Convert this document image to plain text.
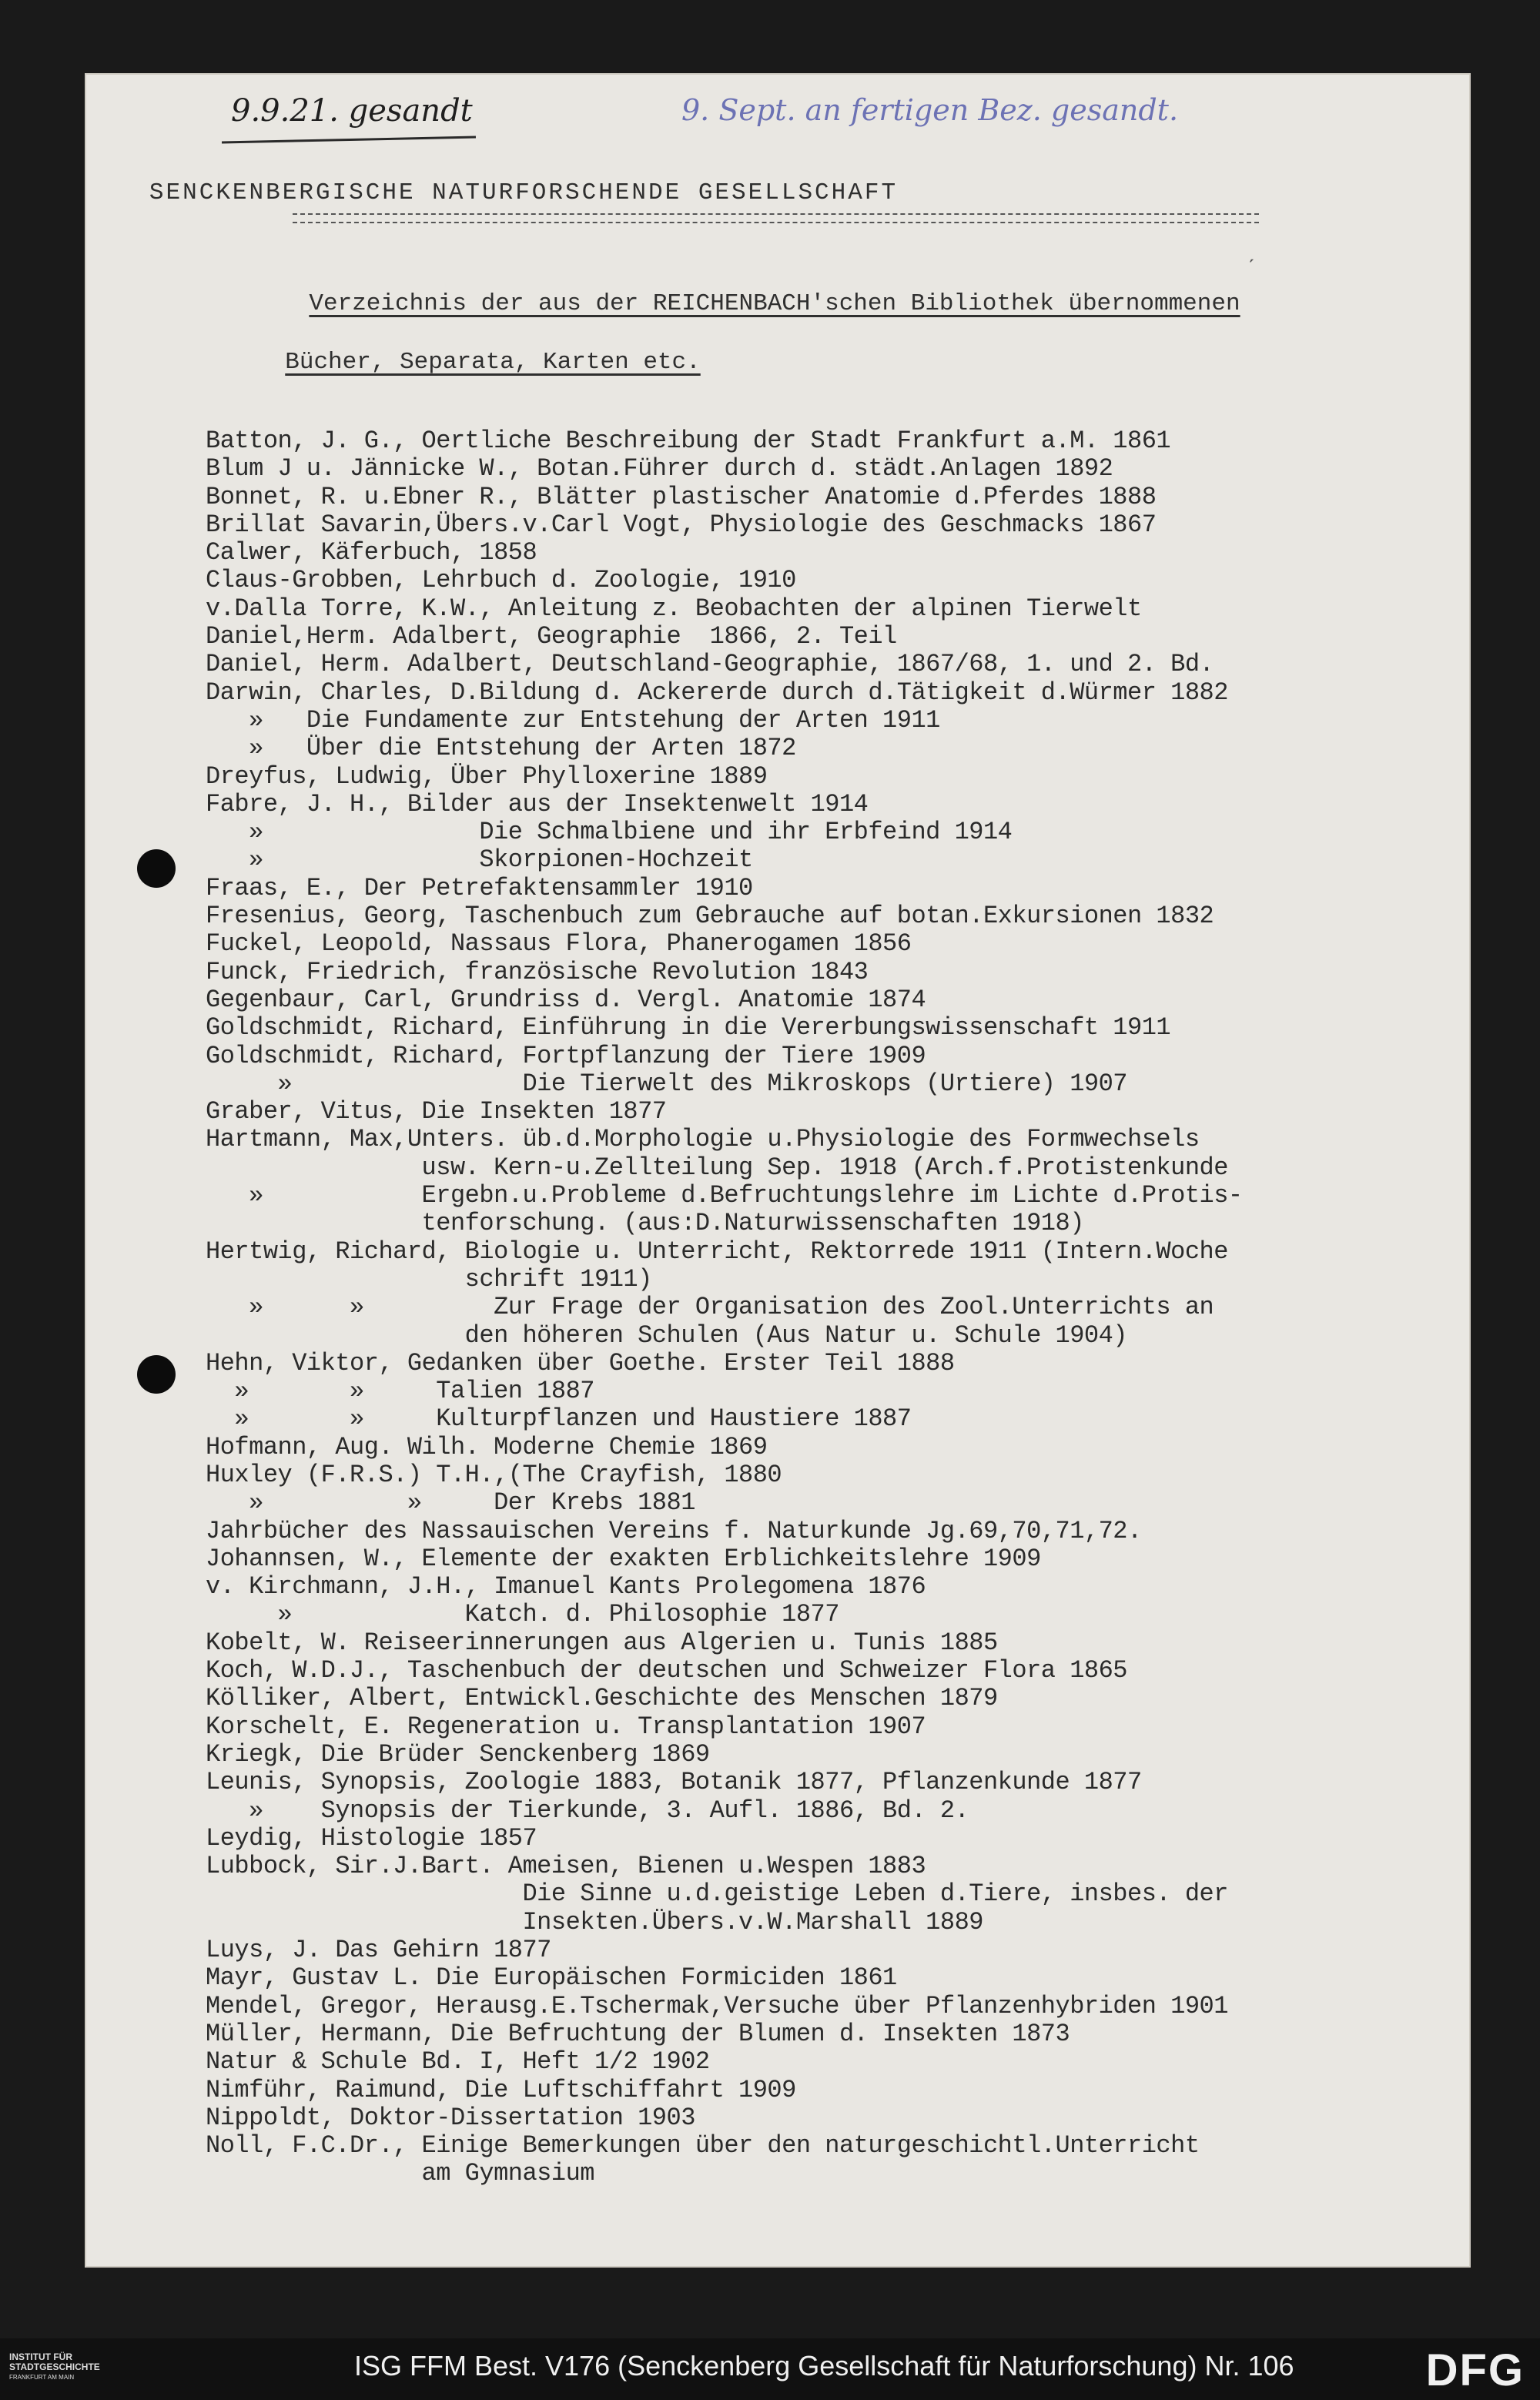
9.9.21. gesandt	9. Sept. an fertigen Bez. gesandt.
ˊ
SENCKENBERGISCHE NATURFORSCHENDE GESELLSCHAFT
Verzeichnis der aus der REICHENBACH'schen Bibliothek übernommenen
Bücher, Separata, Karten etc.
Batton, J. G., Oertliche Beschreibung der Stadt Frankfurt a.M. 1861
Blum J u. Jännicke W., Botan.Führer durch d. städt.Anlagen 1892
Bonnet, R. u.Ebner R., Blätter plastischer Anatomie d.Pferdes 1888
Brillat Savarin,Übers.v.Carl Vogt, Physiologie des Geschmacks 1867
Calwer, Käferbuch, 1858
Claus-Grobben, Lehrbuch d. Zoologie, 1910
v.Dalla Torre, K.W., Anleitung z. Beobachten der alpinen Tierwelt
Daniel,Herm. Adalbert, Geographie  1866, 2. Teil
Daniel, Herm. Adalbert, Deutschland-Geographie, 1867/68, 1. und 2. Bd.
Darwin, Charles, D.Bildung d. Ackererde durch d.Tätigkeit d.Würmer 1882
»   Die Fundamente zur Entstehung der Arten 1911
»   Über die Entstehung der Arten 1872
Dreyfus, Ludwig, Über Phylloxerine 1889
Fabre, J. H., Bilder aus der Insektenwelt 1914
»               Die Schmalbiene und ihr Erbfeind 1914
»               Skorpionen-Hochzeit
Fraas, E., Der Petrefaktensammler 1910
Fresenius, Georg, Taschenbuch zum Gebrauche auf botan.Exkursionen 1832
Fuckel, Leopold, Nassaus Flora, Phanerogamen 1856
Funck, Friedrich, französische Revolution 1843
Gegenbaur, Carl, Grundriss d. Vergl. Anatomie 1874
Goldschmidt, Richard, Einführung in die Vererbungswissenschaft 1911
Goldschmidt, Richard, Fortpflanzung der Tiere 1909
»                Die Tierwelt des Mikroskops (Urtiere) 1907
Graber, Vitus, Die Insekten 1877
Hartmann, Max,Unters. üb.d.Morphologie u.Physiologie des Formwechsels
usw. Kern-u.Zellteilung Sep. 1918 (Arch.f.Protistenkunde
»           Ergebn.u.Probleme d.Befruchtungslehre im Lichte d.Protis-
tenforschung. (aus:D.Naturwissenschaften 1918)
Hertwig, Richard, Biologie u. Unterricht, Rektorrede 1911 (Intern.Woche
schrift 1911)
»      »         Zur Frage der Organisation des Zool.Unterrichts an
den höheren Schulen (Aus Natur u. Schule 1904)
Hehn, Viktor, Gedanken über Goethe. Erster Teil 1888
»       »     Talien 1887
»       »     Kulturpflanzen und Haustiere 1887
Hofmann, Aug. Wilh. Moderne Chemie 1869
Huxley (F.R.S.) T.H.,(The Crayfish, 1880
»          »     Der Krebs 1881
Jahrbücher des Nassauischen Vereins f. Naturkunde Jg.69,70,71,72.
Johannsen, W., Elemente der exakten Erblichkeitslehre 1909
v. Kirchmann, J.H., Imanuel Kants Prolegomena 1876
»            Katch. d. Philosophie 1877
Kobelt, W. Reiseerinnerungen aus Algerien u. Tunis 1885
Koch, W.D.J., Taschenbuch der deutschen und Schweizer Flora 1865
Kölliker, Albert, Entwickl.Geschichte des Menschen 1879
Korschelt, E. Regeneration u. Transplantation 1907
Kriegk, Die Brüder Senckenberg 1869
Leunis, Synopsis, Zoologie 1883, Botanik 1877, Pflanzenkunde 1877
»    Synopsis der Tierkunde, 3. Aufl. 1886, Bd. 2.
Leydig, Histologie 1857
Lubbock, Sir.J.Bart. Ameisen, Bienen u.Wespen 1883
Die Sinne u.d.geistige Leben d.Tiere, insbes. der
Insekten.Übers.v.W.Marshall 1889
Luys, J. Das Gehirn 1877
Mayr, Gustav L. Die Europäischen Formiciden 1861
Mendel, Gregor, Herausg.E.Tschermak,Versuche über Pflanzenhybriden 1901
Müller, Hermann, Die Befruchtung der Blumen d. Insekten 1873
Natur & Schule Bd. I, Heft 1/2 1902
Nimführ, Raimund, Die Luftschiffahrt 1909
Nippoldt, Doktor-Dissertation 1903
Noll, F.C.Dr., Einige Bemerkungen über den naturgeschichtl.Unterricht
am Gymnasium
INSTITUT FÜR
STADTGESCHICHTE
FRANKFURT AM MAIN	ISG FFM Best. V176 (Senckenberg Gesellschaft für Naturforschung) Nr. 106	DFG
